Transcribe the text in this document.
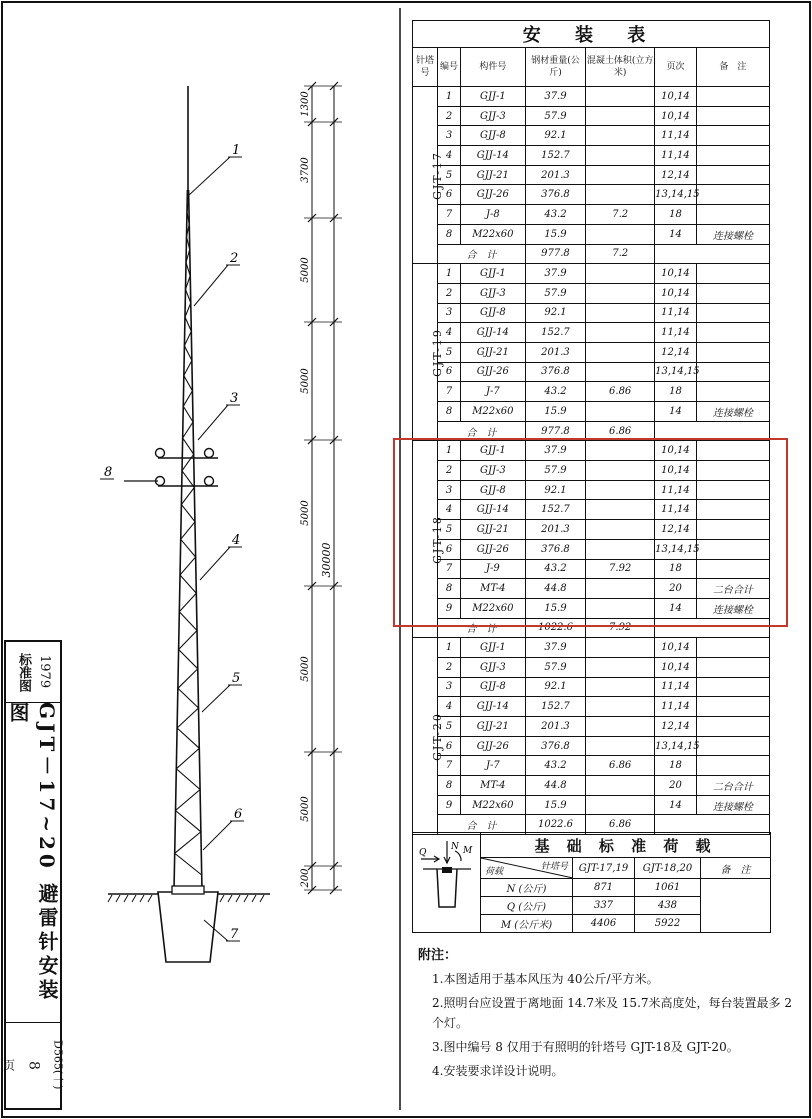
1300
3700
5000
5000
5000
5000
5000
200
30000
1
2
3
4
5
6
7
8
安 装 表						
针塔号	编号	构件号	钢材重量(公斤)	混凝土体积(立方米)	页次	备　注
GJT-17	1	GJJ-1	37.9		10,14	
	2	GJJ-3	57.9		10,14	
	3	GJJ-8	92.1		11,14	
	4	GJJ-14	152.7		11,14	
	5	GJJ-21	201.3		12,14	
	6	GJJ-26	376.8		13,14,15	
	7	J-8	43.2	7.2	18	
	8	M22x60	15.9		14	连接螺栓
	合　计		977.8	7.2		
GJT-19	1	GJJ-1	37.9		10,14	
	2	GJJ-3	57.9		10,14	
	3	GJJ-8	92.1		11,14	
	4	GJJ-14	152.7		11,14	
	5	GJJ-21	201.3		12,14	
	6	GJJ-26	376.8		13,14,15	
	7	J-7	43.2	6.86	18	
	8	M22x60	15.9		14	连接螺栓
	合　计		977.8	6.86		
GJT-18	1	GJJ-1	37.9		10,14	
	2	GJJ-3	57.9		10,14	
	3	GJJ-8	92.1		11,14	
	4	GJJ-14	152.7		11,14	
	5	GJJ-21	201.3		12,14	
	6	GJJ-26	376.8		13,14,15	
	7	J-9	43.2	7.92	18	
	8	MT-4	44.8		20	二台合计
	9	M22x60	15.9		14	连接螺栓
	合　计		1022.6	7.92		
GJT-20	1	GJJ-1	37.9		10,14	
	2	GJJ-3	57.9		10,14	
	3	GJJ-8	92.1		11,14	
	4	GJJ-14	152.7		11,14	
	5	GJJ-21	201.3		12,14	
	6	GJJ-26	376.8		13,14,15	
	7	J-7	43.2	6.86	18	
	8	MT-4	44.8		20	二台合计
	9	M22x60	15.9		14	连接螺栓
	合　计		1022.6	6.86		
N
Q M	基 础 标 准 荷 载			

	针塔号
荷载	GJT-17,19	GJT-18,20	备　注
	N (公斤)	871	1061	
	Q (公斤)	337	438	
	M (公斤米)	4406	5922	
附注：
1.本图适用于基本风压为 40公斤/平方米。
2.照明台应设置于离地面 14.7米及 15.7米高度处，每台装置最多 2 个灯。
3.图中编号 8 仅用于有照明的针塔号 GJT-18及 GJT-20。
4.安装要求详设计说明。
标准图 1979
GJT－17~20 避雷针安装图
页 8 D565(一)
